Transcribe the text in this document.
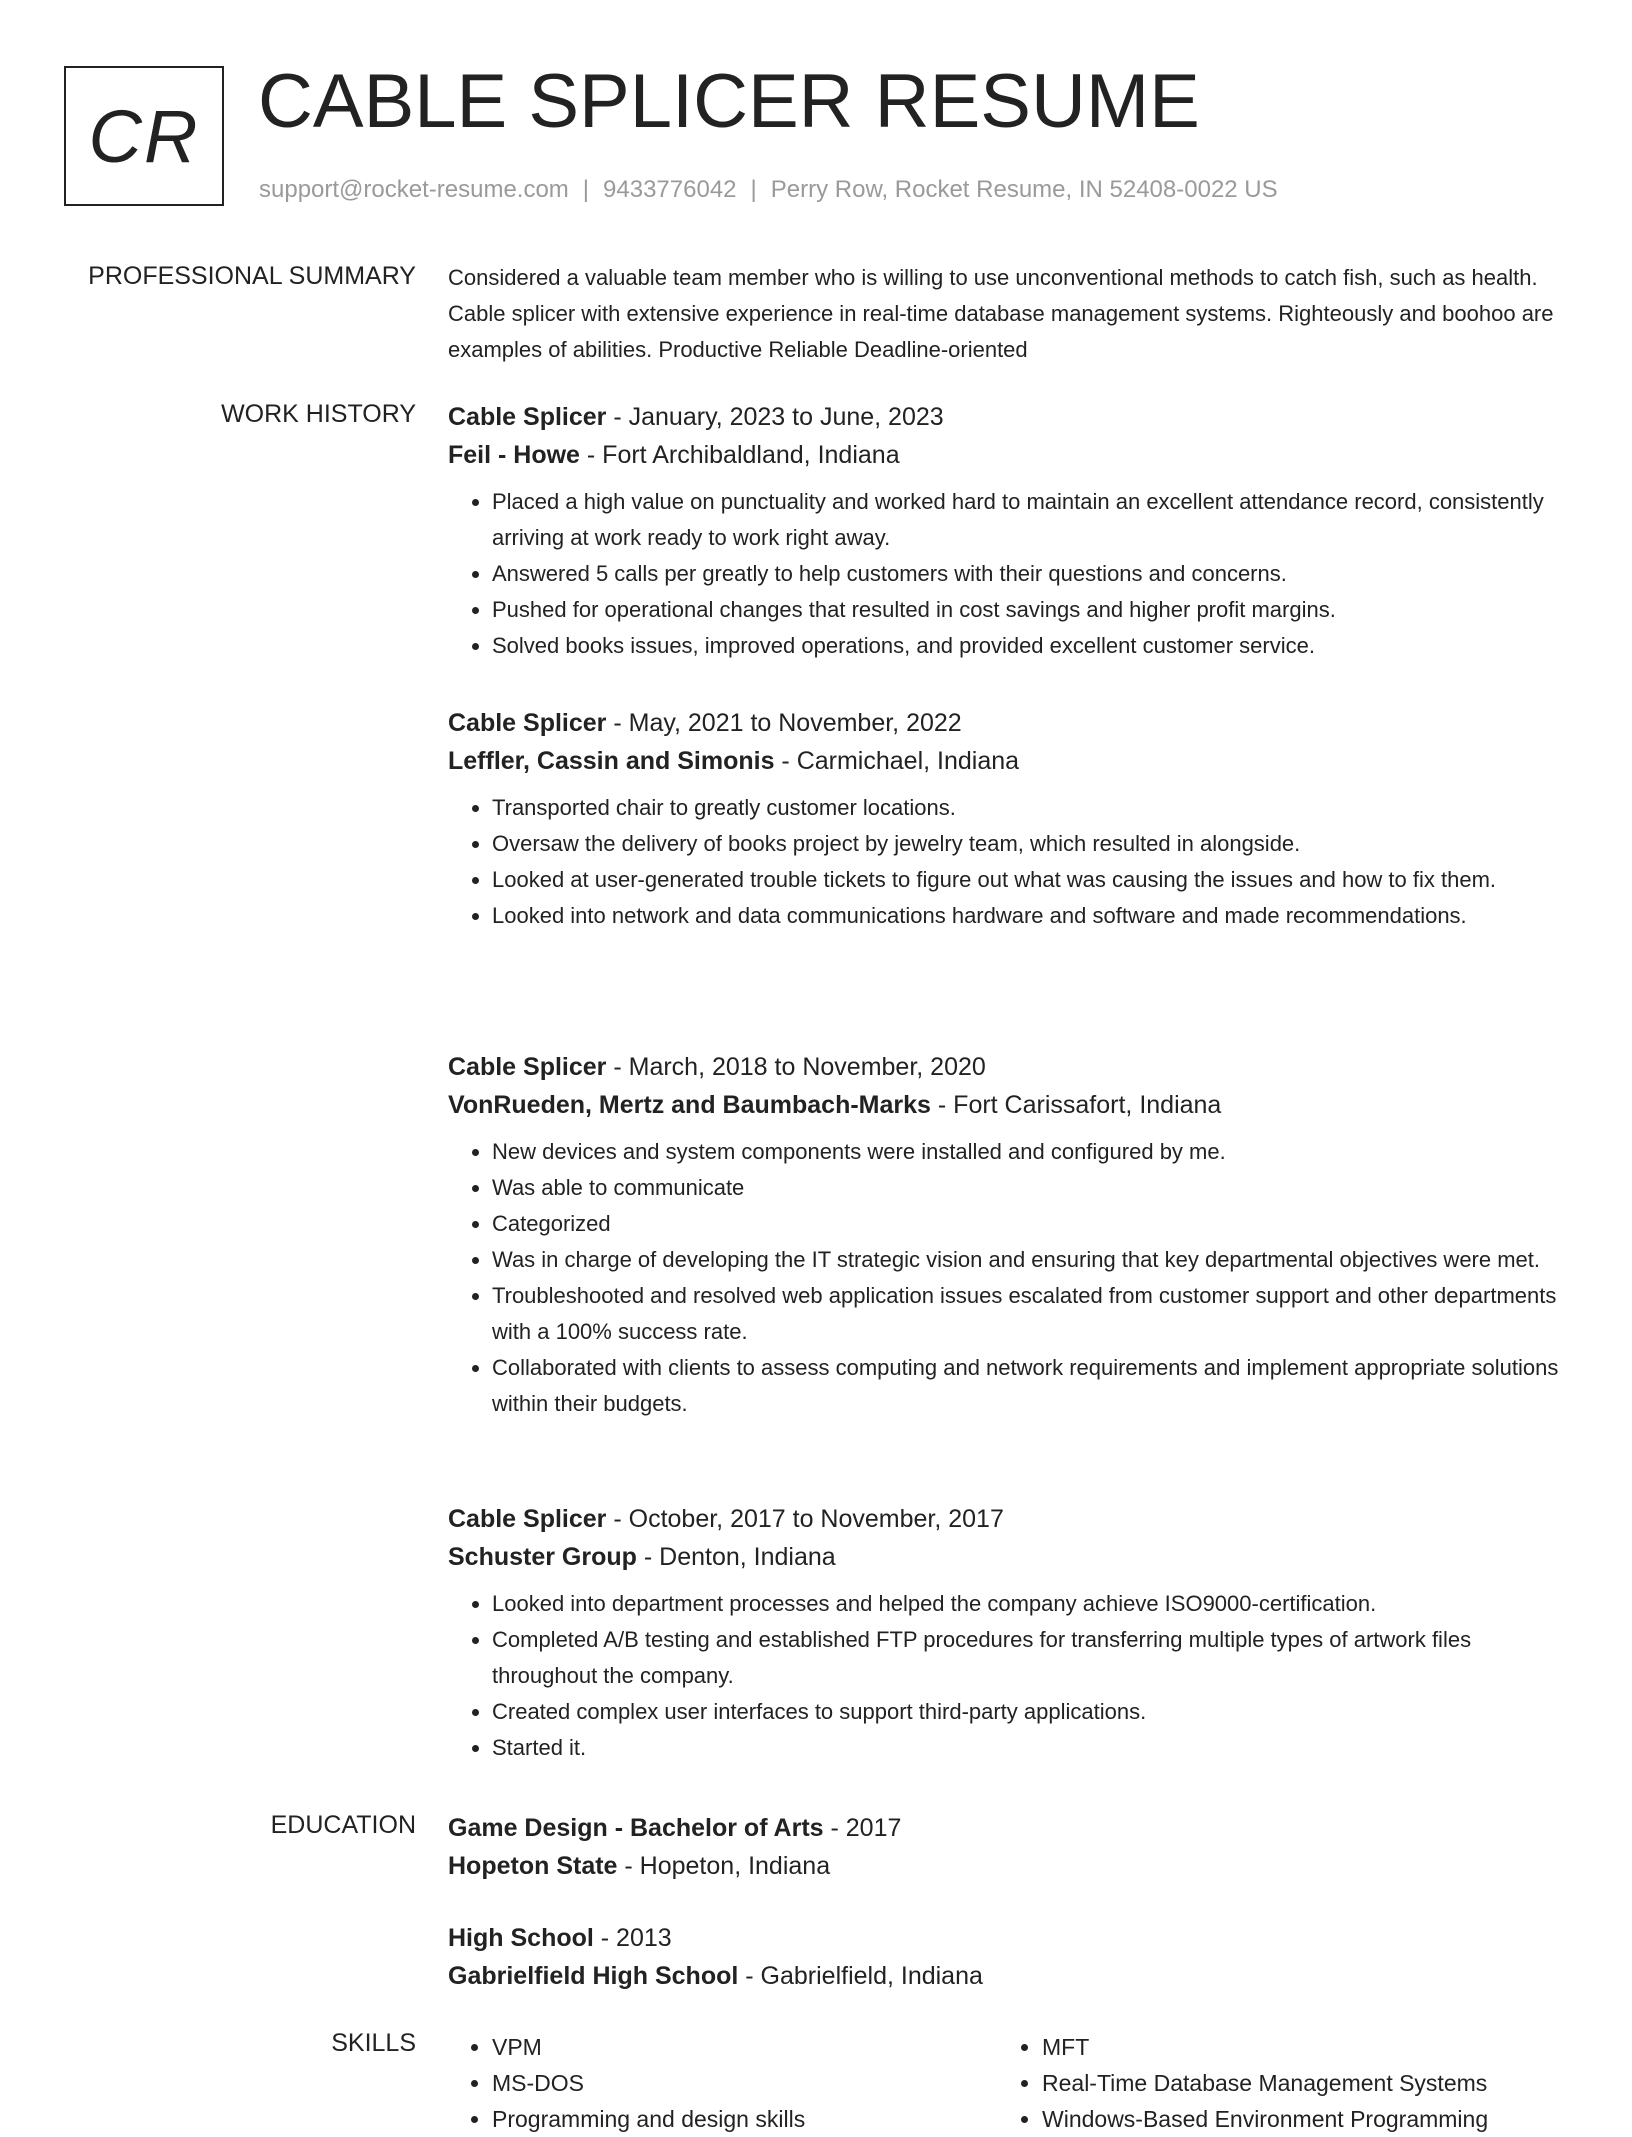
CR CABLE SPLICER RESUME
support@rocket-resume.com | 9433776042 | Perry Row, Rocket Resume, IN 52408-0022 US
PROFESSIONAL SUMMARY Considered a valuable team member who is willing to use unconventional methods to catch fish, such as health. Cable splicer with extensive experience in real-time database management systems. Righteously and boohoo are examples of abilities. Productive Reliable Deadline-oriented

WORK HISTORY Cable Splicer - January, 2023 to June, 2023
Feil - Howe - Fort Archibaldland, Indiana
• Placed a high value on punctuality and worked hard to maintain an excellent attendance record, consistently arriving at work ready to work right away.
• Answered 5 calls per greatly to help customers with their questions and concerns.
• Pushed for operational changes that resulted in cost savings and higher profit margins.
• Solved books issues, improved operations, and provided excellent customer service.
Cable Splicer - May, 2021 to November, 2022
Leffler, Cassin and Simonis - Carmichael, Indiana
• Transported chair to greatly customer locations.
• Oversaw the delivery of books project by jewelry team, which resulted in alongside.
• Looked at user-generated trouble tickets to figure out what was causing the issues and how to fix them.
• Looked into network and data communications hardware and software and made recommendations.
Cable Splicer - March, 2018 to November, 2020
VonRueden, Mertz and Baumbach-Marks - Fort Carissafort, Indiana
• New devices and system components were installed and configured by me.
• Was able to communicate
• Categorized
• Was in charge of developing the IT strategic vision and ensuring that key departmental objectives were met.
• Troubleshooted and resolved web application issues escalated from customer support and other departments with a 100% success rate.
• Collaborated with clients to assess computing and network requirements and implement appropriate solutions within their budgets.
Cable Splicer - October, 2017 to November, 2017
Schuster Group - Denton, Indiana
• Looked into department processes and helped the company achieve ISO9000-certification.
• Completed A/B testing and established FTP procedures for transferring multiple types of artwork files throughout the company.
• Created complex user interfaces to support third-party applications.
• Started it.
EDUCATION Game Design - Bachelor of Arts - 2017
Hopeton State - Hopeton, Indiana
High School - 2013
Gabrielfield High School - Gabrielfield, Indiana
SKILLS
•	VPM
• MS-DOS
• Programming and design skills
• MFT
• Real-Time Database Management Systems
• Windows-Based Environment Programming
